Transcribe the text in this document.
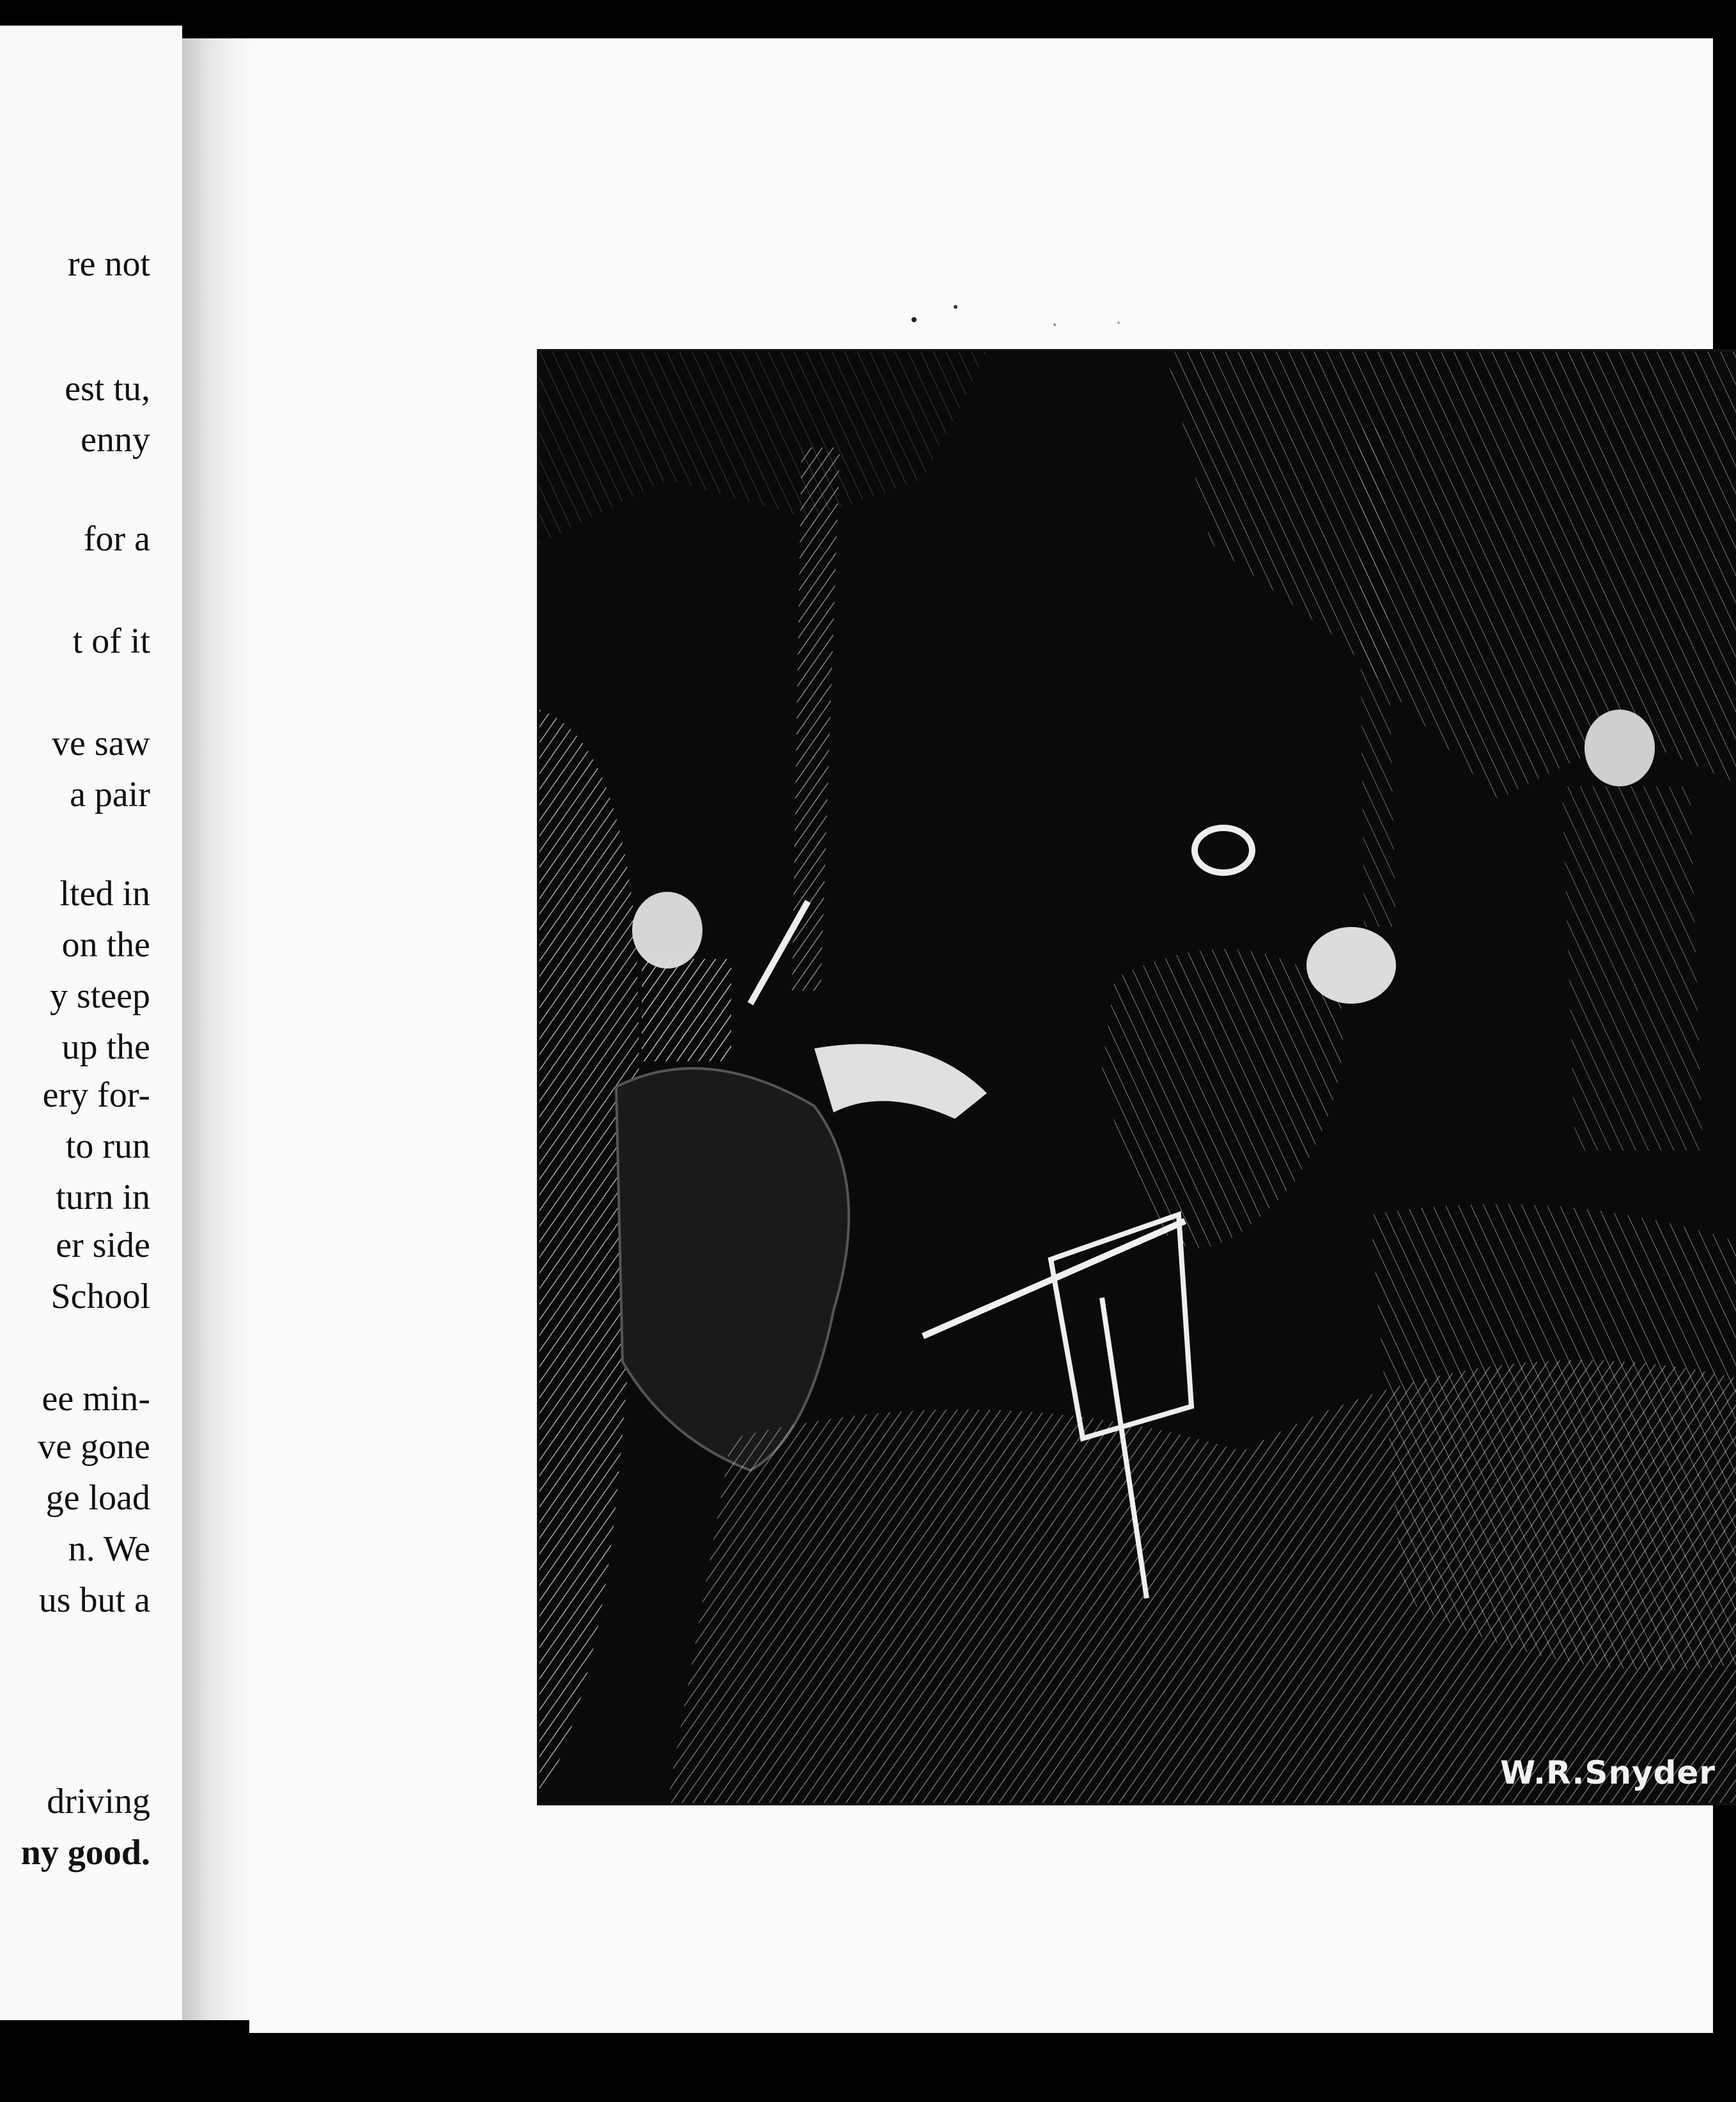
re not
est tu,
enny
for a
t of it
ve saw
a pair
lted in
on the
y steep
up the
ery for-
to run
turn in
er side
School
ee min-
ve gone
ge load
n. We
us but a
driving
ny good.
W.R.Snyder
